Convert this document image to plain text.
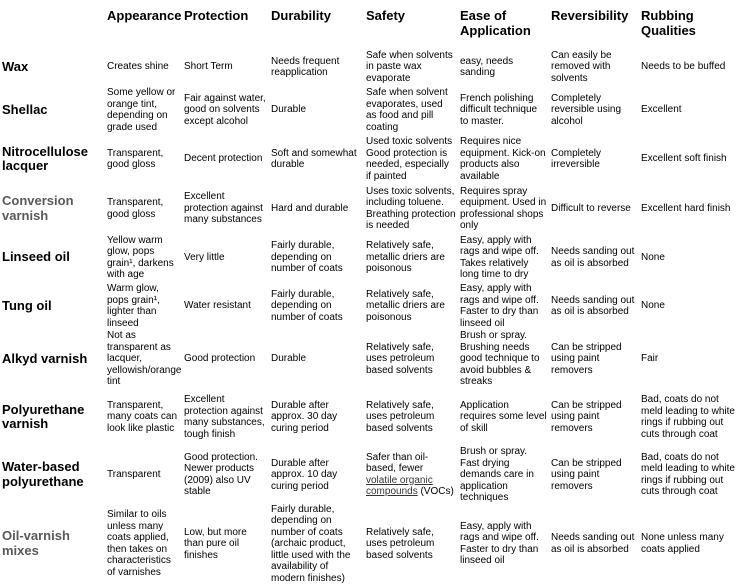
	Appearance	Protection	Durability	Safety	Ease of Application	Reversibility	Rubbing Qualities
Wax	Creates shine	Short Term	Needs frequent reapplication	Safe when solvents in paste wax evaporate	easy, needs sanding	Can easily be removed with solvents	Needs to be buffed
Shellac	Some yellow or orange tint, depending on grade used	Fair against water, good on solvents except alcohol	Durable	Safe when solvent evaporates, used as food and pill coating	French polishing difficult technique to master.	Completely reversible using alcohol	Excellent
Nitrocellulose lacquer	Transparent, good gloss	Decent protection	Soft and somewhat durable	Used toxic solvents Good protection is needed, especially if painted	Requires nice equipment. Kick-on products also available	Completely irreversible	Excellent soft finish
Conversion varnish	Transparent, good gloss	Excellent protection against many substances	Hard and durable	Uses toxic solvents, including toluene. Breathing protection is needed	Requires spray equipment. Used in professional shops only	Difficult to reverse	Excellent hard finish
Linseed oil	Yellow warm glow, pops grain¹, darkens with age	Very little	Fairly durable, depending on number of coats	Relatively safe, metallic driers are poisonous	Easy, apply with rags and wipe off. Takes relatively long time to dry	Needs sanding out as oil is absorbed	None
Tung oil	Warm glow, pops grain¹, lighter than linseed	Water resistant	Fairly durable, depending on number of coats	Relatively safe, metallic driers are poisonous	Easy, apply with rags and wipe off. Faster to dry than linseed oil	Needs sanding out as oil is absorbed	None
Alkyd varnish	Not as transparent as lacquer, yellowish/orange tint	Good protection	Durable	Relatively safe, uses petroleum based solvents	Brush or spray. Brushing needs good technique to avoid bubbles & streaks	Can be stripped using paint removers	Fair
Polyurethane varnish	Transparent, many coats can look like plastic	Excellent protection against many substances, tough finish	Durable after approx. 30 day curing period	Relatively safe, uses petroleum based solvents	Application requires some level of skill	Can be stripped using paint removers	Bad, coats do not meld leading to white rings if rubbing out cuts through coat
Water-based polyurethane	Transparent	Good protection. Newer products (2009) also UV stable	Durable after approx. 10 day curing period	Safer than oil-based, fewer volatile organic compounds (VOCs)	Brush or spray. Fast drying demands care in application techniques	Can be stripped using paint removers	Bad, coats do not meld leading to white rings if rubbing out cuts through coat
Oil-varnish mixes	Similar to oils unless many coats applied, then takes on characteristics of varnishes	Low, but more than pure oil finishes	Fairly durable, depending on number of coats (archaic product, little used with the availability of modern finishes)	Relatively safe, uses petroleum based solvents	Easy, apply with rags and wipe off. Faster to dry than linseed oil	Needs sanding out as oil is absorbed	None unless many coats applied
